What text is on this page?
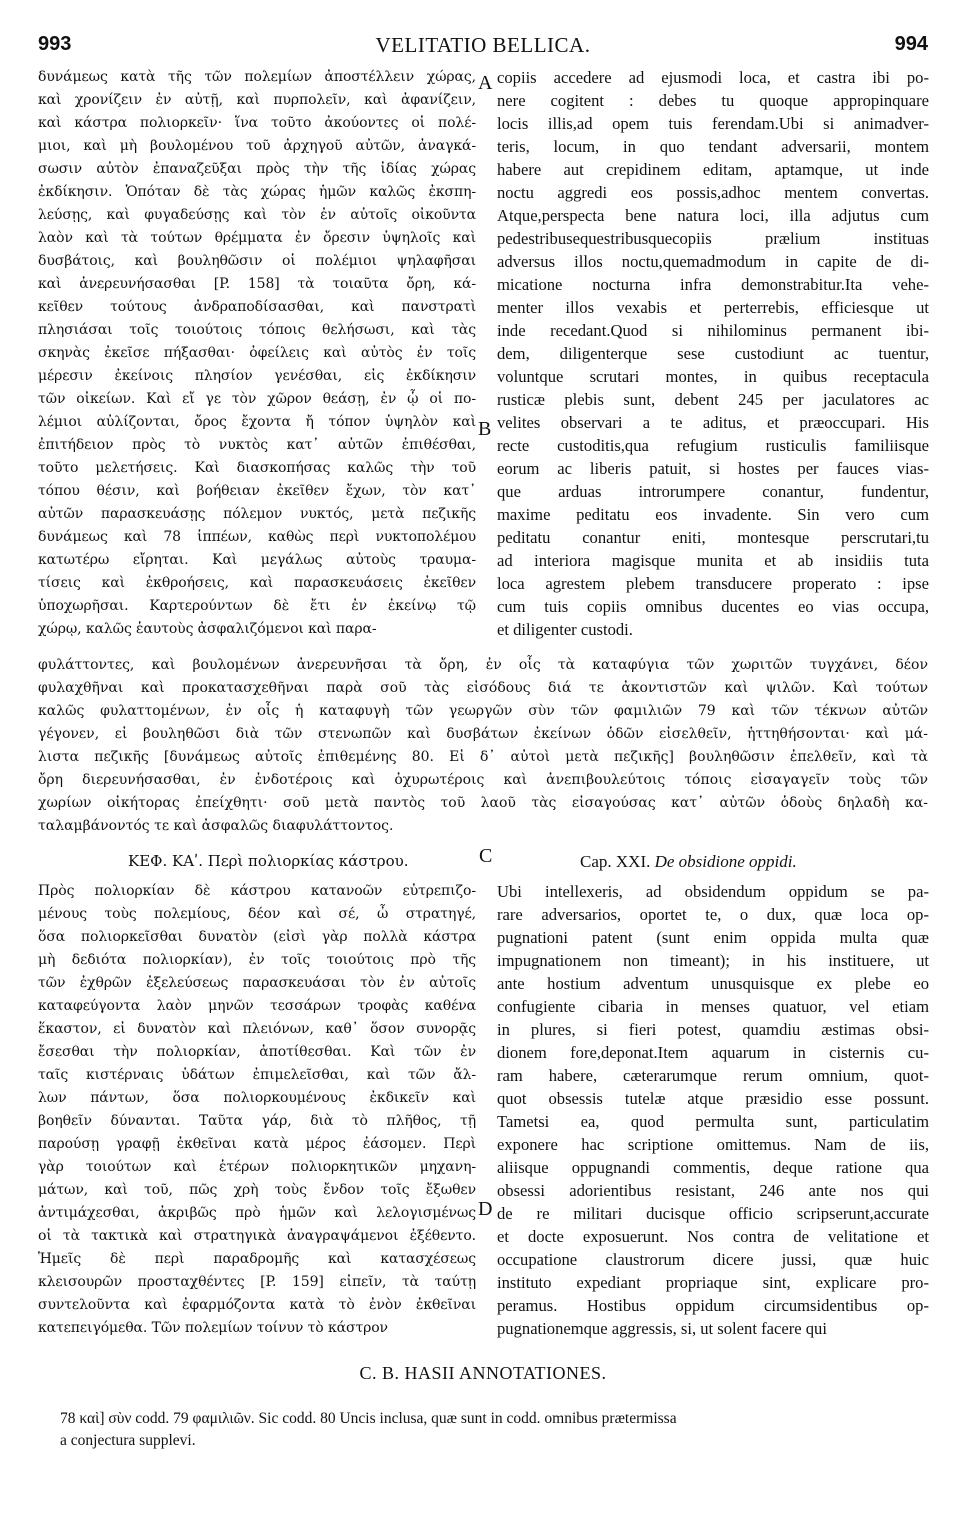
993	VELITATIO BELLICA.	994
δυνάμεως κατὰ τῆς τῶν πολεμίων ἀποστέλλειν χώρας,
καὶ χρονίζειν ἐν αὐτῇ, καὶ πυρπολεῖν, καὶ ἀφανίζειν,
καὶ κάστρα πολιορκεῖν· ἵνα τοῦτο ἀκούοντες οἱ πολέ-
μιοι, καὶ μὴ βουλομένου τοῦ ἀρχηγοῦ αὐτῶν, ἀναγκά-
σωσιν αὐτὸν ἐπαναζεῦξαι πρὸς τὴν τῆς ἰδίας χώρας
ἐκδίκησιν. Ὁπόταν δὲ τὰς χώρας ἡμῶν καλῶς ἐκσπη-
λεύσῃς, καὶ φυγαδεύσῃς καὶ τὸν ἐν αὐτοῖς οἰκοῦντα
λαὸν καὶ τὰ τούτων θρέμματα ἐν ὄρεσιν ὑψηλοῖς καὶ
δυσβάτοις, καὶ βουληθῶσιν οἱ πολέμιοι ψηλαφῆσαι
καὶ ἀνερευνήσασθαι [P. 158] τὰ τοιαῦτα ὄρη, κά-
κεῖθεν τούτους ἀνδραποδίσασθαι, καὶ πανστρατὶ
πλησιάσαι τοῖς τοιούτοις τόποις θελήσωσι, καὶ τὰς
σκηνὰς ἐκεῖσε πήξασθαι· ὀφείλεις καὶ αὐτὸς ἐν τοῖς
μέρεσιν ἐκείνοις πλησίον γενέσθαι, εἰς ἐκδίκησιν
τῶν οἰκείων. Καὶ εἴ γε τὸν χῶρον θεάσῃ, ἐν ᾧ οἱ πο-
λέμιοι αὐλίζονται, ὄρος ἔχοντα ἤ τόπον ὑψηλὸν καὶ
ἐπιτήδειον πρὸς τὸ νυκτὸς κατ᾽ αὐτῶν ἐπιθέσθαι,
τοῦτο μελετήσεις. Καὶ διασκοπήσας καλῶς τὴν τοῦ
τόπου θέσιν, καὶ βοήθειαν ἐκεῖθεν ἔχων, τὸν κατ᾽
αὐτῶν παρασκευάσῃς πόλεμον νυκτός, μετὰ πεζικῆς
δυνάμεως καὶ 78 ἱππέων, καθὼς περὶ νυκτοπολέμου
κατωτέρω εἴρηται. Καὶ μεγάλως αὐτοὺς τραυμα-
τίσεις καὶ ἐκθροήσεις, καὶ παρασκευάσεις ἐκεῖθεν
ὑποχωρῆσαι. Καρτερούντων δὲ ἔτι ἐν ἐκείνῳ τῷ
χώρῳ, καλῶς ἑαυτοὺς ἀσφαλιζόμενοι καὶ παρα-
copiis accedere ad ejusmodi loca, et castra ibi po-
nere cogitent : debes tu quoque appropinquare
locis illis,ad opem tuis ferendam.Ubi si animadver-
teris, locum, in quo tendant adversarii, montem
habere aut crepidinem editam, aptamque, ut inde
noctu aggredi eos possis,adhoc mentem convertas.
Atque,perspecta bene natura loci, illa adjutus cum
pedestribusequestribusquecopiis prælium instituas
adversus illos noctu,quemadmodum in capite de di-
micatione nocturna infra demonstrabitur.Ita vehe-
menter illos vexabis et perterrebis, efficiesque ut
inde recedant.Quod si nihilominus permanent ibi-
dem, diligenterque sese custodiunt ac tuentur,
voluntque scrutari montes, in quibus receptacula
rusticæ plebis sunt, debent 245 per jaculatores ac
velites observari a te aditus, et præoccupari. His
recte custoditis,qua refugium rusticulis familiisque
eorum ac liberis patuit, si hostes per fauces vias-
que arduas introrumpere conantur, fundentur,
maxime peditatu eos invadente. Sin vero cum
peditatu conantur eniti, montesque perscrutari,tu
ad interiora magisque munita et ab insidiis tuta
loca agrestem plebem transducere properato : ipse
cum tuis copiis omnibus ducentes eo vias occupa,
et diligenter custodi.
φυλάττοντες, καὶ βουλομένων ἀνερευνῆσαι τὰ ὄρη, ἐν οἷς τὰ καταφύγια τῶν χωριτῶν τυγχάνει, δέον
φυλαχθῆναι καὶ προκατασχεθῆναι παρὰ σοῦ τὰς εἰσόδους διά τε ἀκοντιστῶν καὶ ψιλῶν. Καὶ τούτων
καλῶς φυλαττομένων, ἐν οἷς ἡ καταφυγὴ τῶν γεωργῶν σὺν τῶν φαμιλιῶν 79 καὶ τῶν τέκνων αὐτῶν
γέγονεν, εἰ βουληθῶσι διὰ τῶν στενωπῶν καὶ δυσβάτων ἐκείνων ὁδῶν εἰσελθεῖν, ἡττηθήσονται· καὶ μά-
λιστα πεζικῆς [δυνάμεως αὐτοῖς ἐπιθεμένης 80. Εἰ δ᾽ αὐτοὶ μετὰ πεζικῆς] βουληθῶσιν ἐπελθεῖν, καὶ τὰ
ὄρη διερευνήσασθαι, ἐν ἐνδοτέροις καὶ ὀχυρωτέροις καὶ ἀνεπιβουλεύτοις τόποις εἰσαγαγεῖν τοὺς τῶν
χωρίων οἰκήτορας ἐπείχθητι· σοῦ μετὰ παντὸς τοῦ λαοῦ τὰς εἰσαγούσας κατ᾽ αὐτῶν ὁδοὺς δηλαδὴ κα-
ταλαμβάνοντός τε καὶ ἀσφαλῶς διαφυλάττοντος.
A
B
C
D
ΚΕΦ. ΚΑʹ. Περὶ πολιορκίας κάστρου.	Cap. XXI. De obsidione oppidi.
Πρὸς πολιορκίαν δὲ κάστρου κατανοῶν εὐτρεπιζο-
μένους τοὺς πολεμίους, δέον καὶ σέ, ὦ στρατηγέ,
ὅσα πολιορκεῖσθαι δυνατὸν (εἰσὶ γὰρ πολλὰ κάστρα
μὴ δεδιότα πολιορκίαν), ἐν τοῖς τοιούτοις πρὸ τῆς
τῶν ἐχθρῶν ἐξελεύσεως παρασκευάσαι τὸν ἐν αὐτοῖς
καταφεύγοντα λαὸν μηνῶν τεσσάρων τροφὰς καθένα
ἕκαστον, εἰ δυνατὸν καὶ πλειόνων, καθ᾽ ὅσον συνορᾷς
ἔσεσθαι τὴν πολιορκίαν, ἀποτίθεσθαι. Καὶ τῶν ἐν
ταῖς κιστέρναις ὑδάτων ἐπιμελεῖσθαι, καὶ τῶν ἄλ-
λων πάντων, ὅσα πολιορκουμένους ἐκδικεῖν καὶ
βοηθεῖν δύνανται. Ταῦτα γάρ, διὰ τὸ πλῆθος, τῇ
παρούσῃ γραφῇ ἐκθεῖναι κατὰ μέρος ἐάσομεν. Περὶ
γὰρ τοιούτων καὶ ἑτέρων πολιορκητικῶν μηχανη-
μάτων, καὶ τοῦ, πῶς χρὴ τοὺς ἔνδον τοῖς ἔξωθεν
ἀντιμάχεσθαι, ἀκριβῶς πρὸ ἡμῶν καὶ λελογισμένως
οἱ τὰ τακτικὰ καὶ στρατηγικὰ ἀναγραψάμενοι ἐξέθεντο.
Ἡμεῖς δὲ περὶ παραδρομῆς καὶ κατασχέσεως
κλεισουρῶν προσταχθέντες [P. 159] εἰπεῖν, τὰ ταύτῃ
συντελοῦντα καὶ ἐφαρμόζοντα κατὰ τὸ ἐνὸν ἐκθεῖναι
κατεπειγόμεθα. Τῶν πολεμίων τοίνυν τὸ κάστρον
Ubi intellexeris, ad obsidendum oppidum se pa-
rare adversarios, oportet te, o dux, quæ loca op-
pugnationi patent (sunt enim oppida multa quæ
impugnationem non timeant); in his instituere, ut
ante hostium adventum unusquisque ex plebe eo
confugiente cibaria in menses quatuor, vel etiam
in plures, si fieri potest, quamdiu æstimas obsi-
dionem fore,deponat.Item aquarum in cisternis cu-
ram habere, cæterarumque rerum omnium, quot-
quot obsessis tutelæ atque præsidio esse possunt.
Tametsi ea, quod permulta sunt, particulatim
exponere hac scriptione omittemus. Nam de iis,
aliisque oppugnandi commentis, deque ratione qua
obsessi adorientibus resistant, 246 ante nos qui
de re militari ducisque officio scripserunt,accurate
et docte exposuerunt. Nos contra de velitatione et
occupatione claustrorum dicere jussi, quæ huic
instituto expediant propriaque sint, explicare pro-
peramus. Hostibus oppidum circumsidentibus op-
pugnationemque aggressis, si, ut solent facere qui
C. B. HASII ANNOTATIONES.
78 καὶ] σὺν codd. 79 φαμιλιῶν. Sic codd. 80 Uncis inclusa, quæ sunt in codd. omnibus prætermissa
a conjectura supplevi.
